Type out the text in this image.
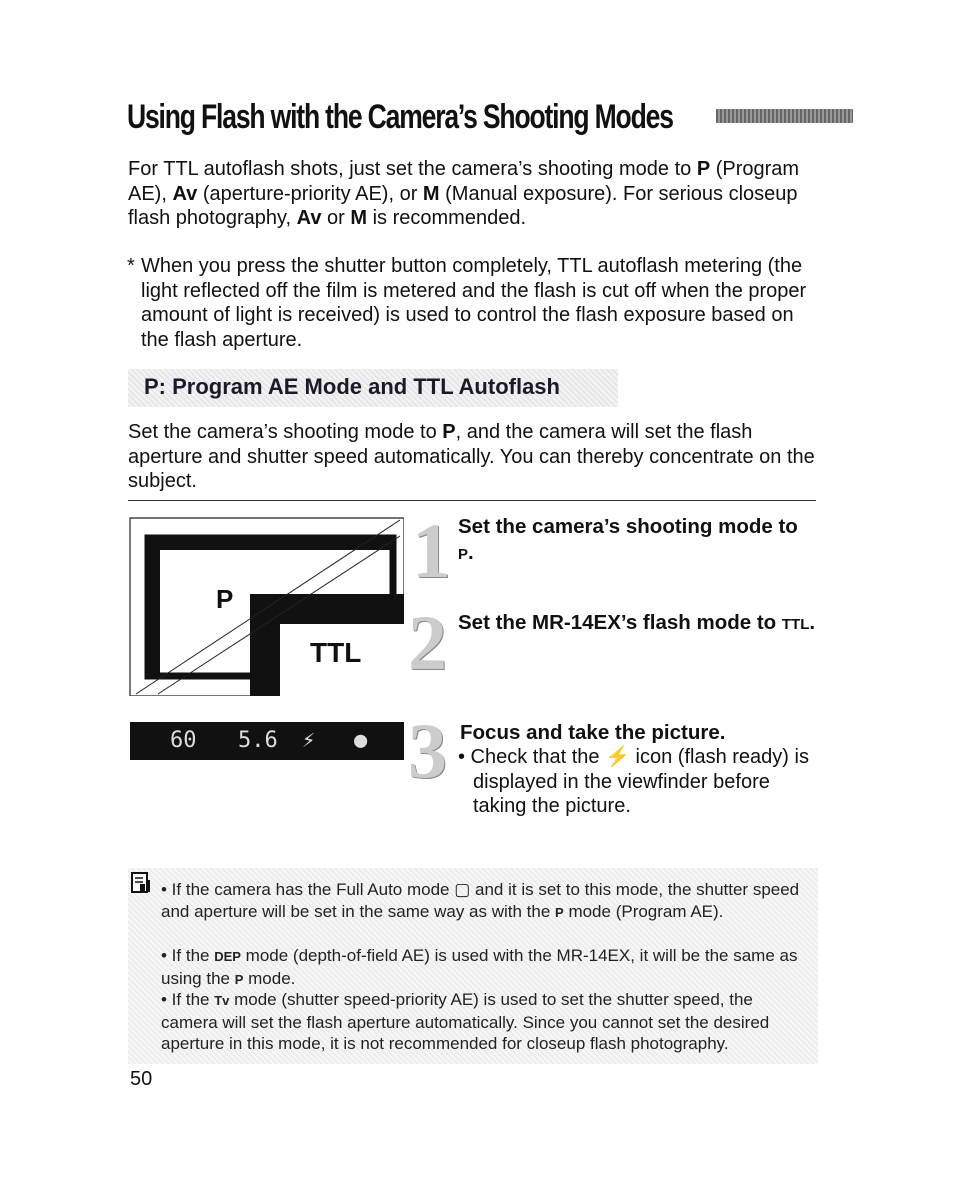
Using Flash with the Camera’s Shooting Modes
For TTL autoflash shots, just set the camera’s shooting mode to P (Program AE), Av (aperture-priority AE), or M (Manual exposure). For serious closeup flash photography, Av or M is recommended.
* When you press the shutter button completely, TTL autoflash metering (the light reflected off the film is metered and the flash is cut off when the proper amount of light is received) is used to control the flash exposure based on the flash aperture.
P: Program AE Mode and TTL Autoflash
Set the camera’s shooting mode to P, and the camera will set the flash aperture and shutter speed automatically. You can thereby concentrate on the subject.
P
TTL
60 5.6 ⚡ ●
1 Set the camera’s shooting mode to P.
2 Set the MR-14EX’s flash mode to TTL.
3 Focus and take the picture.
• Check that the ⚡ icon (flash ready) is displayed in the viewfinder before taking the picture.
• If the camera has the Full Auto mode ▢ and it is set to this mode, the shutter speed and aperture will be set in the same way as with the P mode (Program AE).
• If the DEP mode (depth-of-field AE) is used with the MR-14EX, it will be the same as using the P mode.
• If the Tv mode (shutter speed-priority AE) is used to set the shutter speed, the camera will set the flash aperture automatically. Since you cannot set the desired aperture in this mode, it is not recommended for closeup flash photography.
50
